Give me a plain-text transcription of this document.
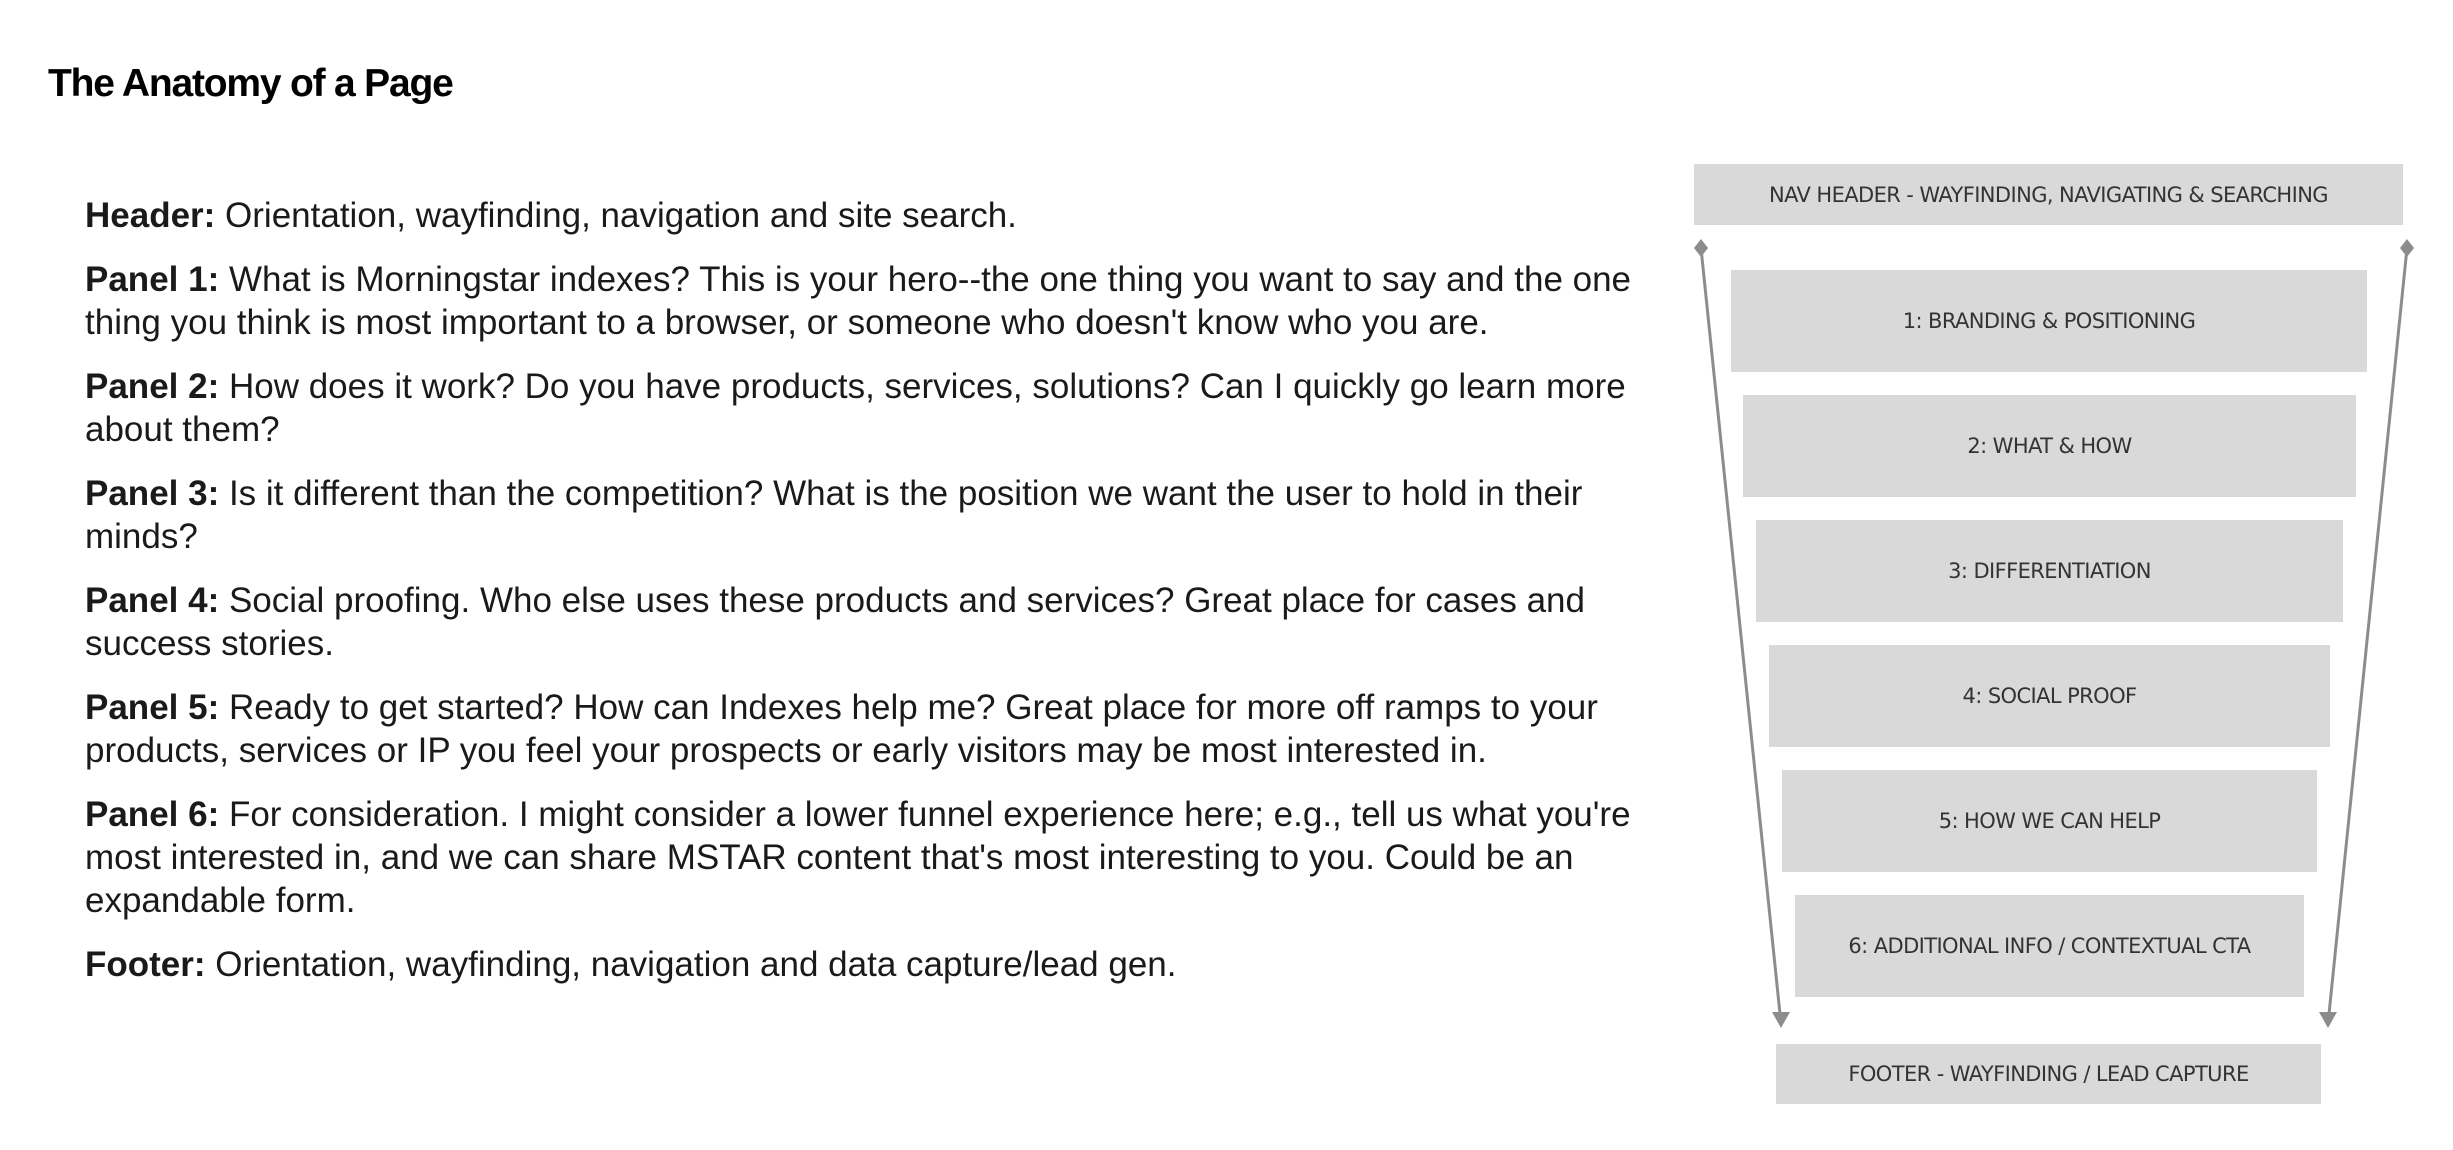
The Anatomy of a Page

Header: Orientation, wayfinding, navigation and site search.

Panel 1: What is Morningstar indexes? This is your hero--the one thing you want to say and the one thing you think is most important to a browser, or someone who doesn't know who you are.

Panel 2: How does it work? Do you have products, services, solutions? Can I quickly go learn more about them?

Panel 3: Is it different than the competition? What is the position we want the user to hold in their minds?

Panel 4: Social proofing. Who else uses these products and services? Great place for cases and success stories.

Panel 5: Ready to get started? How can Indexes help me? Great place for more off ramps to your products, services or IP you feel your prospects or early visitors may be most interested in.

Panel 6: For consideration. I might consider a lower funnel experience here; e.g., tell us what you're most interested in, and we can share MSTAR content that's most interesting to you. Could be an expandable form.

Footer: Orientation, wayfinding, navigation and data capture/lead gen.

NAV HEADER - WAYFINDING, NAVIGATING & SEARCHING
1: BRANDING & POSITIONING
2: WHAT & HOW
3: DIFFERENTIATION
4: SOCIAL PROOF
5: HOW WE CAN HELP
6: ADDITIONAL INFO / CONTEXTUAL CTA
FOOTER - WAYFINDING / LEAD CAPTURE
